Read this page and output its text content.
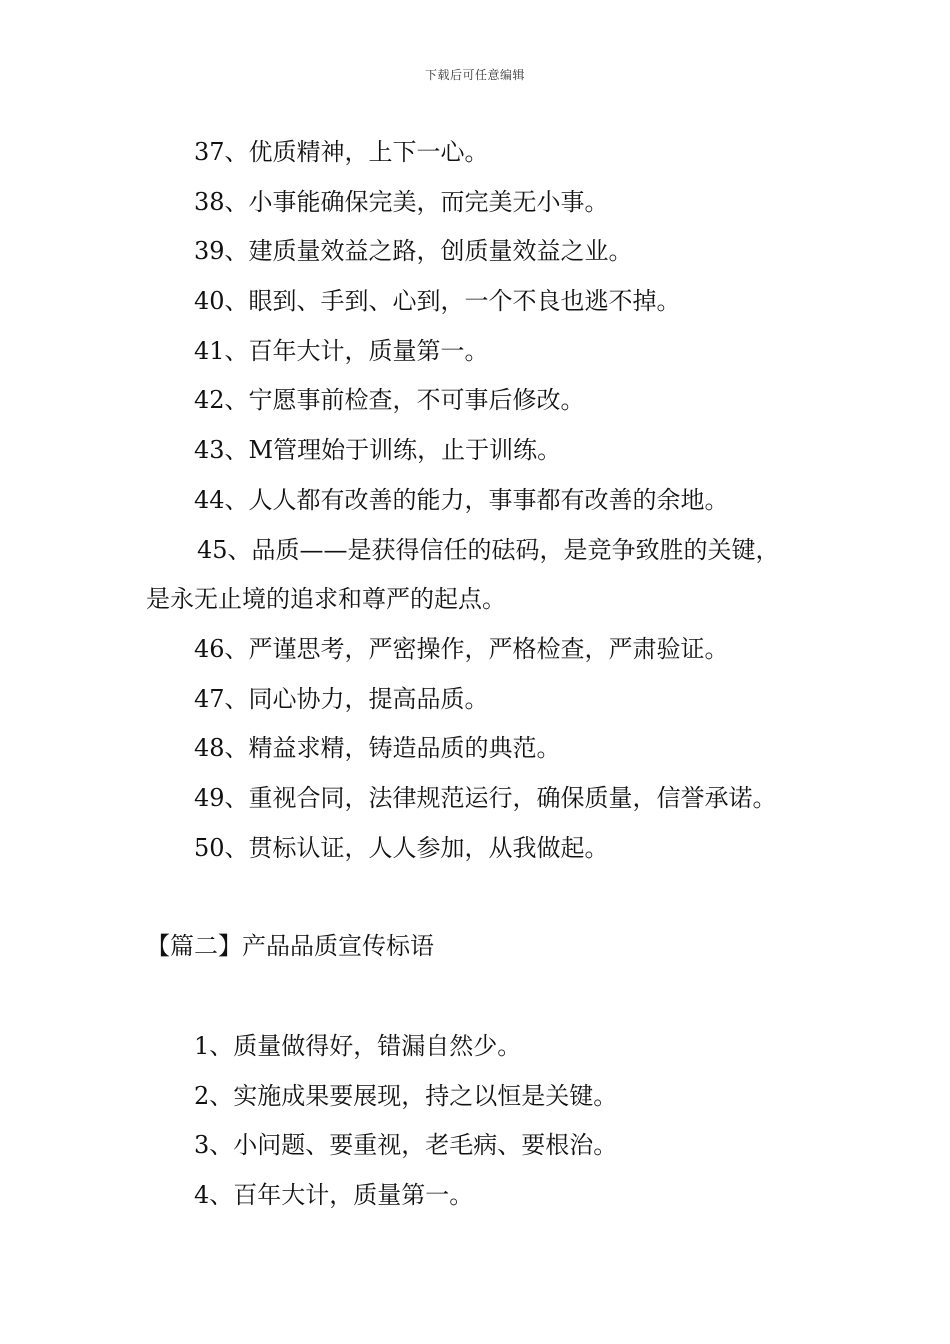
下载后可任意编辑
37、优质精神，上下一心。
38、小事能确保完美，而完美无小事。
39、建质量效益之路，创质量效益之业。
40、眼到、手到、心到，一个不良也逃不掉。
41、百年大计，质量第一。
42、宁愿事前检查，不可事后修改。
43、M管理始于训练，止于训练。
44、人人都有改善的能力，事事都有改善的余地。
45、品质——是获得信任的砝码，是竞争致胜的关键，
是永无止境的追求和尊严的起点。
46、严谨思考，严密操作，严格检查，严肃验证。
47、同心协力，提高品质。
48、精益求精，铸造品质的典范。
49、重视合同，法律规范运行，确保质量，信誉承诺。
50、贯标认证，人人参加，从我做起。
【篇二】产品品质宣传标语
1、质量做得好，错漏自然少。
2、实施成果要展现，持之以恒是关键。
3、小问题、要重视，老毛病、要根治。
4、百年大计，质量第一。
